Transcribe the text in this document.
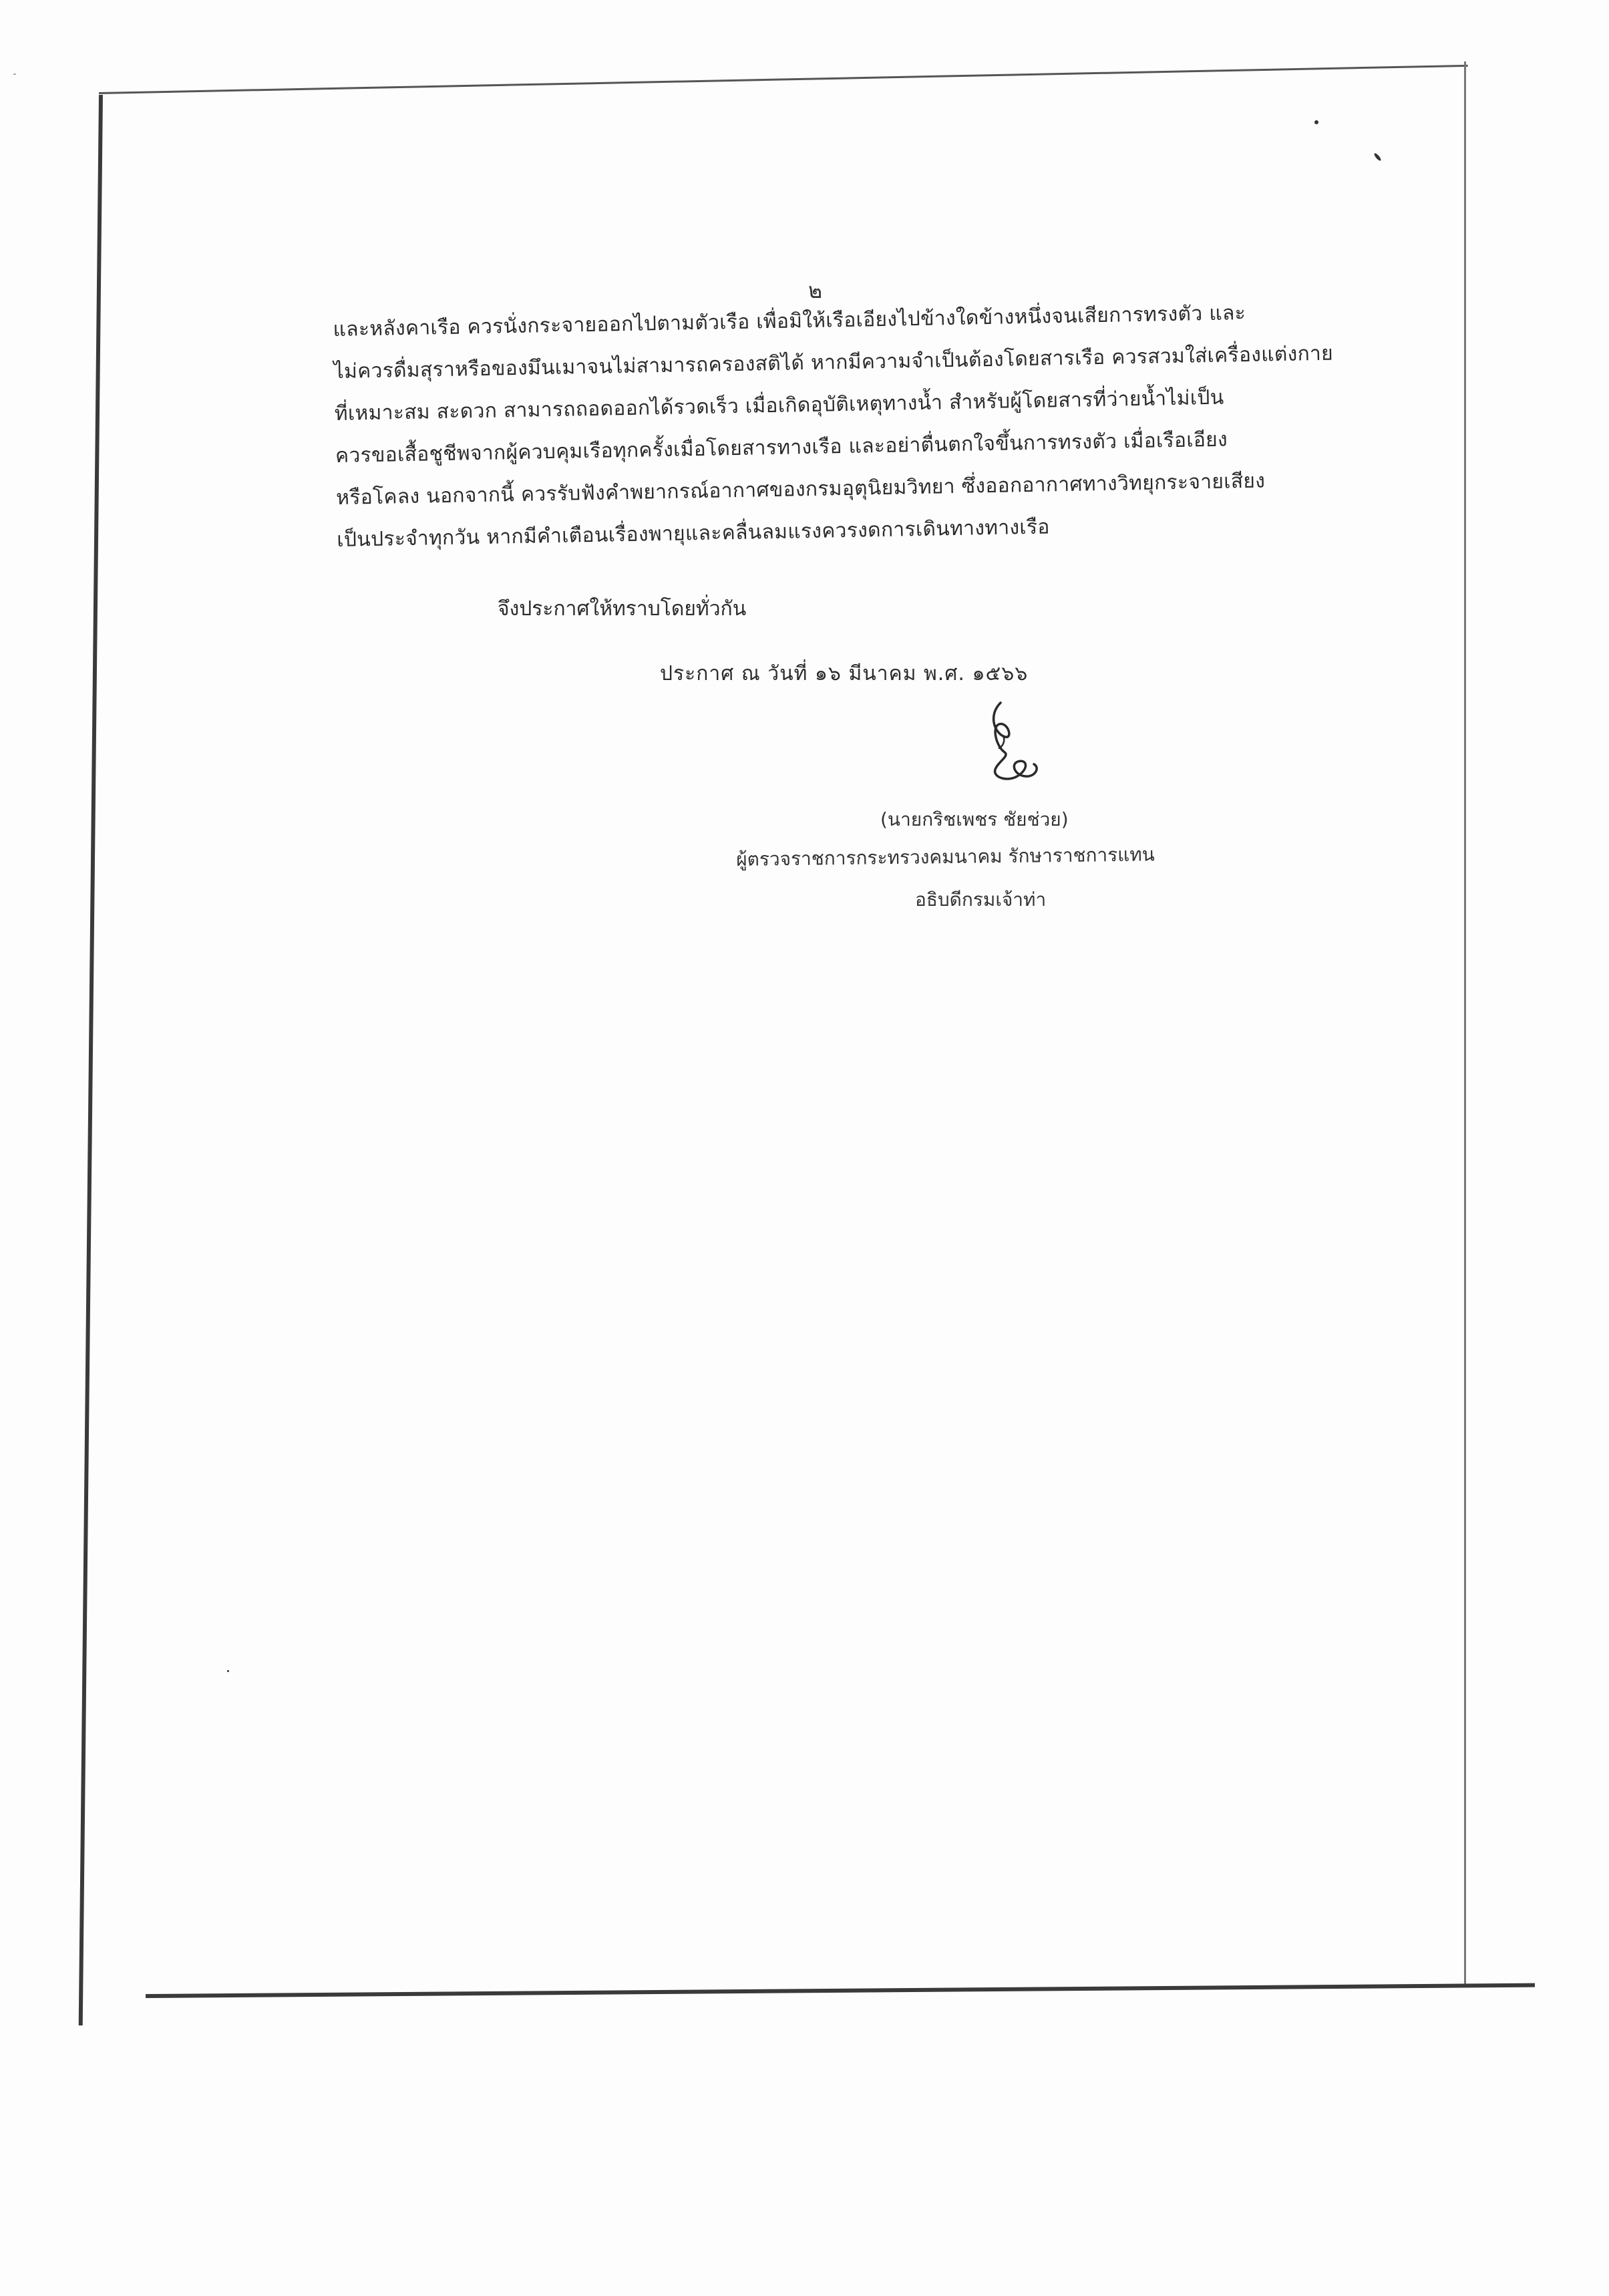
๒
และหลังคาเรือ ควรนั่งกระจายออกไปตามตัวเรือ เพื่อมิให้เรือเอียงไปข้างใดข้างหนึ่งจนเสียการทรงตัว และ
ไม่ควรดื่มสุราหรือของมึนเมาจนไม่สามารถครองสติได้ หากมีความจำเป็นต้องโดยสารเรือ ควรสวมใส่เครื่องแต่งกาย
ที่เหมาะสม สะดวก สามารถถอดออกได้รวดเร็ว เมื่อเกิดอุบัติเหตุทางน้ำ สำหรับผู้โดยสารที่ว่ายน้ำไม่เป็น
ควรขอเสื้อชูชีพจากผู้ควบคุมเรือทุกครั้งเมื่อโดยสารทางเรือ และอย่าตื่นตกใจขึ้นการทรงตัว เมื่อเรือเอียง
หรือโคลง นอกจากนี้ ควรรับฟังคำพยากรณ์อากาศของกรมอุตุนิยมวิทยา ซึ่งออกอากาศทางวิทยุกระจายเสียง
เป็นประจำทุกวัน หากมีคำเตือนเรื่องพายุและคลื่นลมแรงควรงดการเดินทางทางเรือ
จึงประกาศให้ทราบโดยทั่วกัน
ประกาศ ณ วันที่ ๑๖ มีนาคม พ.ศ. ๑๕๖๖
(นายกริชเพชร ชัยช่วย)
ผู้ตรวจราชการกระทรวงคมนาคม รักษาราชการแทน
อธิบดีกรมเจ้าท่า
